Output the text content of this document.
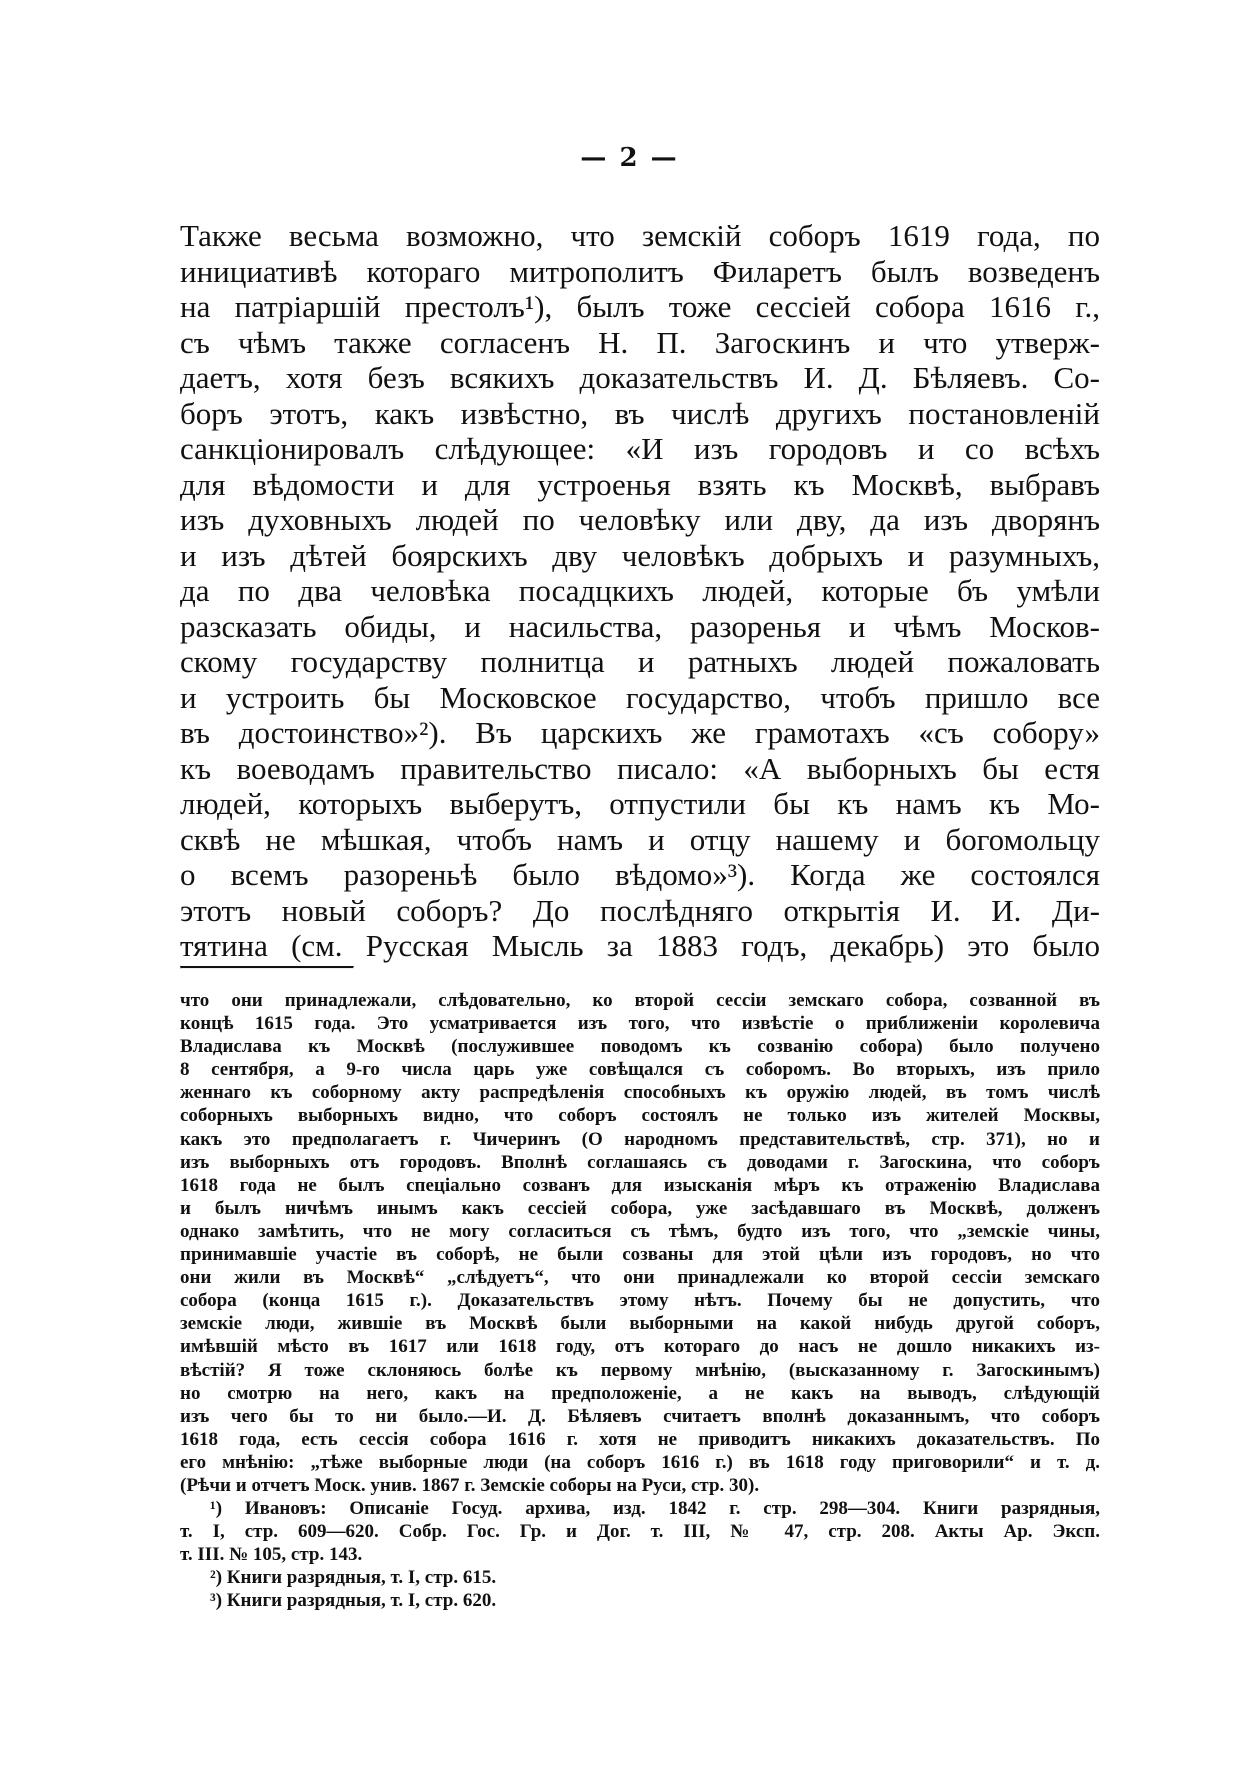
— 2 —
Также весьма возможно, что земскій соборъ 1619 года, по
инициативѣ котораго митрополитъ Филаретъ былъ возведенъ
на патріаршій престолъ¹), былъ тоже сессіей собора 1616 г.,
съ чѣмъ также согласенъ Н. П. Загоскинъ и что утверж-
даетъ, хотя безъ всякихъ доказательствъ И. Д. Бѣляевъ. Со-
боръ этотъ, какъ извѣстно, въ числѣ другихъ постановленій
санкціонировалъ слѣдующее: «И изъ городовъ и со всѣхъ
для вѣдомости и для устроенья взять къ Москвѣ, выбравъ
изъ духовныхъ людей по человѣку или дву, да изъ дворянъ
и изъ дѣтей боярскихъ дву человѣкъ добрыхъ и разумныхъ,
да по два человѣка посадцкихъ людей, которые бъ умѣли
разсказать обиды, и насильства, разоренья и чѣмъ Москов-
скому государству полнитца и ратныхъ людей пожаловать
и устроить бы Московское государство, чтобъ пришло все
въ достоинство»²). Въ царскихъ же грамотахъ «съ собору»
къ воеводамъ правительство писало: «А выборныхъ бы естя
людей, которыхъ выберутъ, отпустили бы къ намъ къ Мо-
сквѣ не мѣшкая, чтобъ намъ и отцу нашему и богомольцу
о всемъ разореньѣ было вѣдомо»³). Когда же состоялся
этотъ новый соборъ? До послѣдняго открытія И. И. Ди-
тятина (см. Русская Мысль за 1883 годъ, декабрь) это было
что они принадлежали, слѣдовательно, ко второй сессіи земскаго собора, созванной въ
концѣ 1615 года. Это усматривается изъ того, что извѣстіе о приближеніи королевича
Владислава къ Москвѣ (послужившее поводомъ къ созванію собора) было получено
8 сентября, а 9-го числа царь уже совѣщался съ соборомъ. Во вторыхъ, изъ прило
женнаго къ соборному акту распредѣленія способныхъ къ оружію людей, въ томъ числѣ
соборныхъ выборныхъ видно, что соборъ состоялъ не только изъ жителей Москвы,
какъ это предполагаетъ г. Чичеринъ (О народномъ представительствѣ, стр. 371), но и
изъ выборныхъ отъ городовъ. Вполнѣ соглашаясь съ доводами г. Загоскина, что соборъ
1618 года не былъ спеціально созванъ для изысканія мѣръ къ отраженію Владислава
и былъ ничѣмъ инымъ какъ сессіей собора, уже засѣдавшаго въ Москвѣ, долженъ
однако замѣтить, что не могу согласиться съ тѣмъ, будто изъ того, что „земскіе чины,
принимавшіе участіе въ соборѣ, не были созваны для этой цѣли изъ городовъ, но что
они жили въ Москвѣ“ „слѣдуетъ“, что они принадлежали ко второй сессіи земскаго
собора (конца 1615 г.). Доказательствъ этому нѣтъ. Почему бы не допустить, что
земскіе люди, жившіе въ Москвѣ были выборными на какой нибудь другой соборъ,
имѣвшій мѣсто въ 1617 или 1618 году, отъ котораго до насъ не дошло никакихъ из-
вѣстій? Я тоже склоняюсь болѣе къ первому мнѣнію, (высказанному г. Загоскинымъ)
но смотрю на него, какъ на предположеніе, а не какъ на выводъ, слѣдующій
изъ чего бы то ни было.—И. Д. Бѣляевъ считаетъ вполнѣ доказаннымъ, что соборъ
1618 года, есть сессія собора 1616 г. хотя не приводитъ никакихъ доказательствъ. По
его мнѣнію: „тѣже выборные люди (на соборъ 1616 г.) въ 1618 году приговорили“ и т. д.
(Рѣчи и отчетъ Моск. унив. 1867 г. Земскіе соборы на Руси, стр. 30).
¹) Ивановъ: Описаніе Госуд. архива, изд. 1842 г. стр. 298—304. Книги разрядныя,
т. I, стр. 609—620. Собр. Гос. Гр. и Дог. т. III, № 47, стр. 208. Акты Ар. Эксп.
т. III. № 105, стр. 143.
²) Книги разрядныя, т. I, стр. 615.
³) Книги разрядныя, т. I, стр. 620.
